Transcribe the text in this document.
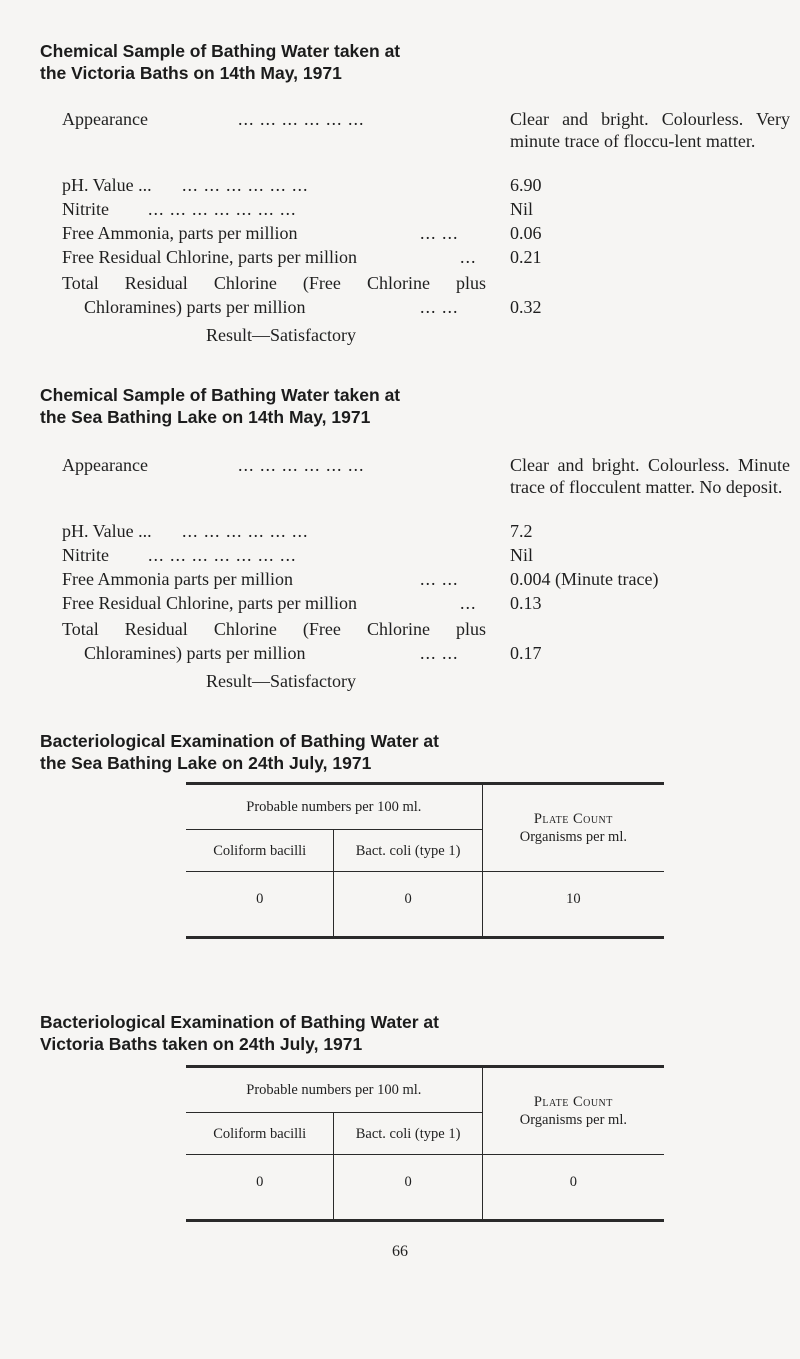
Chemical Sample of Bathing Water taken at
the Victoria Baths on 14th May, 1971
Appearance	... ... ... ... ... ...	Clear and bright. Colourless. Very minute trace of floccu-lent matter.
pH. Value ... ... ... ... ... ... ...	6.90
Nitrite ... ... ... ... ... ... ...	Nil
Free Ammonia, parts per million	... ...	0.06
Free Residual Chlorine, parts per million	... 0.21
Total Residual Chlorine (Free Chlorine plus
Chloramines) parts per million	... ...	0.32
Result—Satisfactory
Chemical Sample of Bathing Water taken at
the Sea Bathing Lake on 14th May, 1971
Appearance	... ... ... ... ... ...	Clear and bright. Colourless. Minute trace of flocculent matter. No deposit.
pH. Value ... ... ... ... ... ... ...	7.2
Nitrite ... ... ... ... ... ... ...	Nil
Free Ammonia parts per million	... ...	0.004 (Minute trace)
Free Residual Chlorine, parts per million	... 0.13
Total Residual Chlorine (Free Chlorine plus
Chloramines) parts per million	... ...	0.17
Result—Satisfactory
Bacteriological Examination of Bathing Water at
the Sea Bathing Lake on 24th July, 1971
Probable numbers per 100 ml.		Plate Count
Organisms per ml.

Coliform bacilli	Bact. coli (type 1)	
0	0	10
Bacteriological Examination of Bathing Water at
Victoria Baths taken on 24th July, 1971
Probable numbers per 100 ml.		Plate Count
Organisms per ml.

Coliform bacilli	Bact. coli (type 1)	
0	0	0
66
